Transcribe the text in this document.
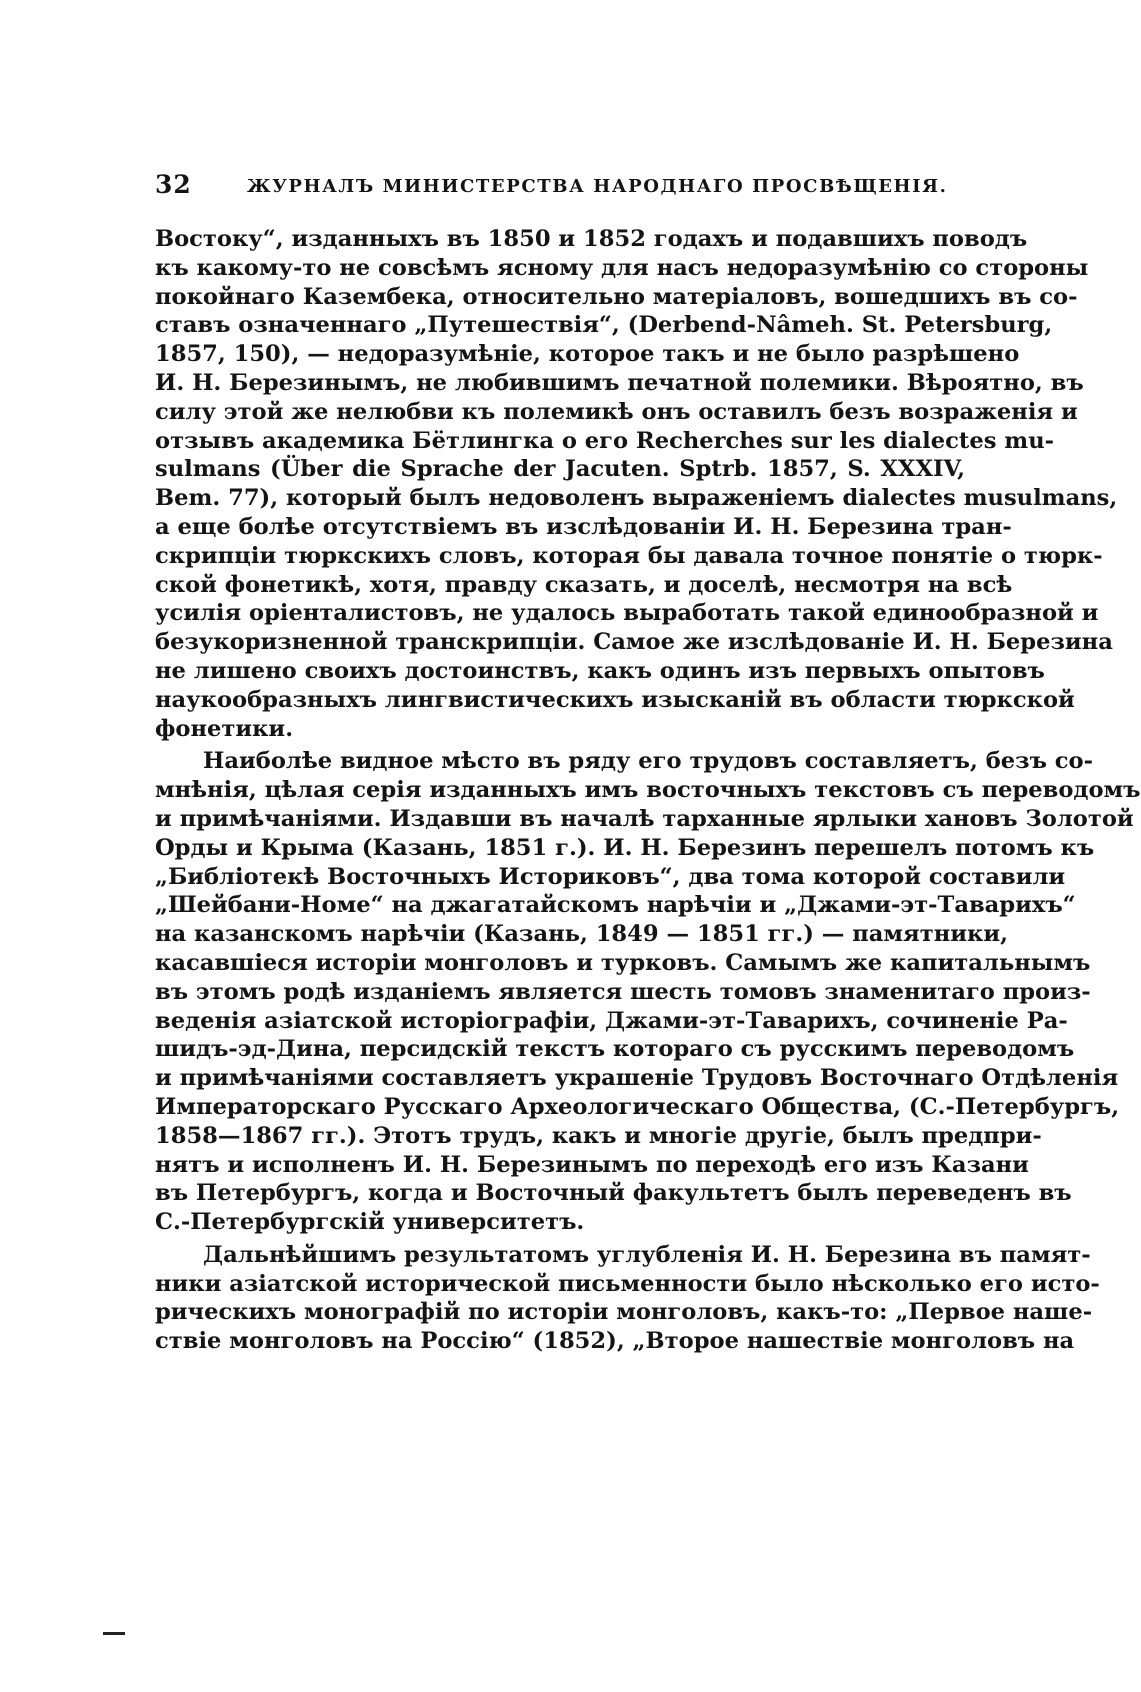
32	ЖУРНАЛЪ МИНИСТЕРСТВА НАРОДНАГО ПРОСВѢЩЕНІЯ.
Востоку“, изданныхъ въ 1850 и 1852 годахъ и подавшихъ поводъ
къ какому-то не совсѣмъ ясному для насъ недоразумѣнію со стороны
покойнаго Казембека, относительно матеріаловъ, вошедшихъ въ со-
ставъ означеннаго „Путешествія“, (Derbend-Nâmeh. St. Petersburg,
1857, 150), — недоразумѣніе, которое такъ и не было разрѣшено
И. Н. Березинымъ, не любившимъ печатной полемики. Вѣроятно, въ
силу этой же нелюбви къ полемикѣ онъ оставилъ безъ возраженія и
отзывъ академика Бётлингка о его Recherches sur les dialectes mu-
sulmans (Über die Sprache der Jacuten. Sptrb. 1857, S. XXXIV,
Bem. 77), который былъ недоволенъ выраженіемъ dialectes musulmans,
а еще болѣе отсутствіемъ въ изслѣдованіи И. Н. Березина тран-
скрипціи тюркскихъ словъ, которая бы давала точное понятіе о тюрк-
ской фонетикѣ, хотя, правду сказать, и доселѣ, несмотря на всѣ
усилія оріенталистовъ, не удалось выработать такой единообразной и
безукоризненной транскрипціи. Самое же изслѣдованіе И. Н. Березина
не лишено своихъ достоинствъ, какъ одинъ изъ первыхъ опытовъ
наукообразныхъ лингвистическихъ изысканій въ области тюркской
фонетики.
Наиболѣе видное мѣсто въ ряду его трудовъ составляетъ, безъ со-
мнѣнія, цѣлая серія изданныхъ имъ восточныхъ текстовъ съ переводомъ
и примѣчаніями. Издавши въ началѣ тарханные ярлыки хановъ Золотой
Орды и Крыма (Казань, 1851 г.). И. Н. Березинъ перешелъ потомъ къ
„Библіотекѣ Восточныхъ Историковъ“, два тома которой составили
„Шейбани-Номе“ на джагатайскомъ нарѣчіи и „Джами-эт-Таварихъ“
на казанскомъ нарѣчіи (Казань, 1849 — 1851 гг.) — памятники,
касавшіеся исторіи монголовъ и турковъ. Самымъ же капитальнымъ
въ этомъ родѣ изданіемъ является шесть томовъ знаменитаго произ-
веденія азіатской исторіографіи, Джами-эт-Таварихъ, сочиненіе Ра-
шидъ-эд-Дина, персидскій текстъ котораго съ русскимъ переводомъ
и примѣчаніями составляетъ украшеніе Трудовъ Восточнаго Отдѣленія
Императорскаго Русскаго Археологическаго Общества, (С.-Петербургъ,
1858—1867 гг.). Этотъ трудъ, какъ и многіе другіе, былъ предпри-
нятъ и исполненъ И. Н. Березинымъ по переходѣ его изъ Казани
въ Петербургъ, когда и Восточный факультетъ былъ переведенъ въ
С.-Петербургскій университетъ.
Дальнѣйшимъ результатомъ углубленія И. Н. Березина въ памят-
ники азіатской исторической письменности было нѣсколько его исто-
рическихъ монографій по исторіи монголовъ, какъ-то: „Первое наше-
ствіе монголовъ на Россію“ (1852), „Второе нашествіе монголовъ на
